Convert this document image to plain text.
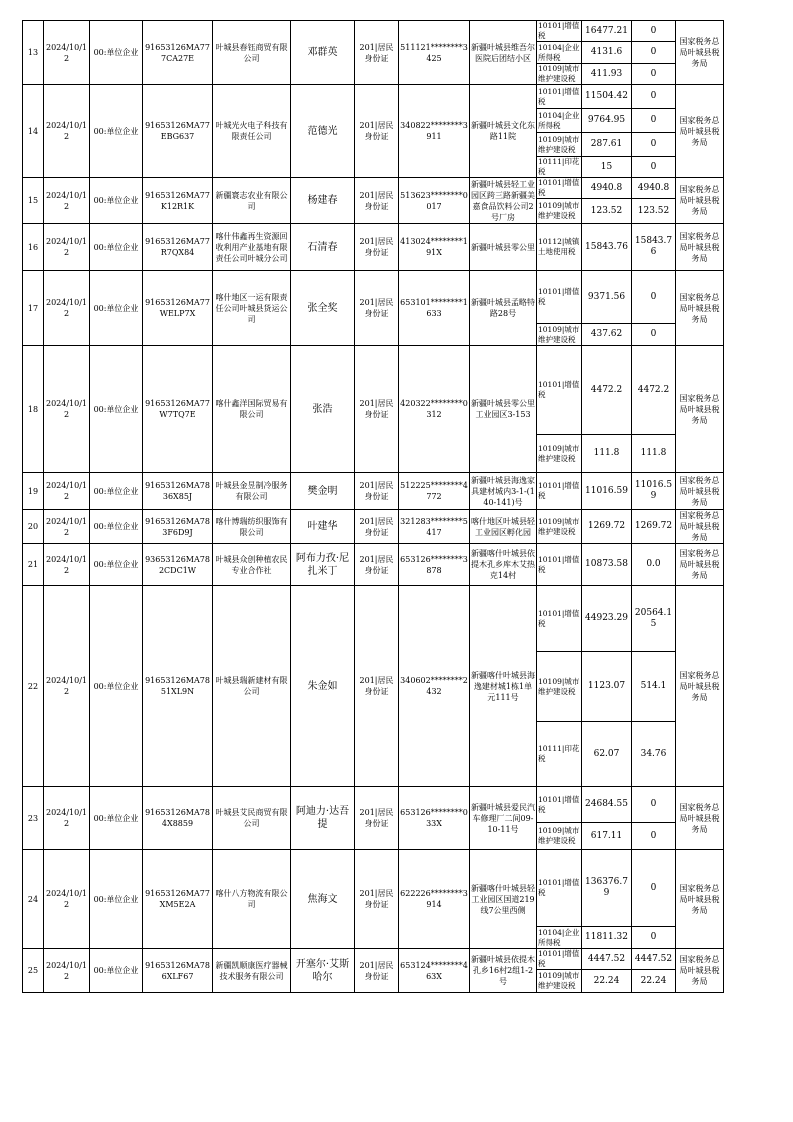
13	2024/10/12	00:单位企业	91653126MA777CA27E	叶城县春钰商贸有限公司	邓群英	201|居民身份证	511121********3425	新疆叶城县维吾尔医院后团结小区	10101|增值税	16477.21	0	国家税务总局叶城县税务局
									10104|企业所得税	4131.6	0	
									10109|城市维护建设税	411.93	0	
14	2024/10/12	00:单位企业	91653126MA77EBG637	叶城光火电子科技有限责任公司	范德光	201|居民身份证	340822********3911	新疆叶城县文化东路11院	10101|增值税	11504.42	0	国家税务总局叶城县税务局
									10104|企业所得税	9764.95	0	
									10109|城市维护建设税	287.61	0	
									10111|印花税	15	0	
15	2024/10/12	00:单位企业	91653126MA77K12R1K	新疆寰志农业有限公司	杨建春	201|居民身份证	513623********0017	新疆叶城县轻工业园区跨三路新疆美嘉食品饮料公司2号厂房	10101|增值税	4940.8	4940.8	国家税务总局叶城县税务局
									10109|城市维护建设税	123.52	123.52	
16	2024/10/12	00:单位企业	91653126MA77R7QX84	喀什伟鑫再生资源回收利用产业基地有限责任公司叶城分公司	石清春	201|居民身份证	413024********191X	新疆叶城县零公里	10112|城镇土地使用税	15843.76	15843.76	国家税务总局叶城县税务局
17	2024/10/12	00:单位企业	91653126MA77WELP7X	喀什地区一运有限责任公司叶城县货运公司	张全奖	201|居民身份证	653101********1633	新疆叶城县孟略特路28号	10101|增值税	9371.56	0	国家税务总局叶城县税务局
									10109|城市维护建设税	437.62	0	
18	2024/10/12	00:单位企业	91653126MA77W7TQ7E	喀什鑫洋国际贸易有限公司	张浩	201|居民身份证	420322********0312	新疆叶城县零公里工业园区3-153	10101|增值税	4472.2	4472.2	国家税务总局叶城县税务局
									10109|城市维护建设税	111.8	111.8	
19	2024/10/12	00:单位企业	91653126MA7836X85J	叶城县金昱制冷服务有限公司	樊金明	201|居民身份证	512225********4772	新疆叶城县海逸家具建材城内3-1-(140-141)号	10101|增值税	11016.59	11016.59	国家税务总局叶城县税务局
20	2024/10/12	00:单位企业	91653126MA783F6D9J	喀什博瑞纺织服饰有限公司	叶建华	201|居民身份证	321283********5417	喀什地区叶城县轻工业园区孵化园	10109|城市维护建设税	1269.72	1269.72	国家税务总局叶城县税务局
21	2024/10/12	00:单位企业	93653126MA782CDC1W	叶城县众创种植农民专业合作社	阿布力孜·尼扎米丁	201|居民身份证	653126********3878	新疆喀什叶城县依提木孔乡库木艾热克14村	10101|增值税	10873.58	0.0	国家税务总局叶城县税务局
22	2024/10/12	00:单位企业	91653126MA7851XL9N	叶城县瑞新建材有限公司	朱金如	201|居民身份证	340602********2432	新疆喀什叶城县海逸建材城1栋1单元111号	10101|增值税	44923.29	20564.15	国家税务总局叶城县税务局
									10109|城市维护建设税	1123.07	514.1	
									10111|印花税	62.07	34.76	
23	2024/10/12	00:单位企业	91653126MA784X8859	叶城县艾民商贸有限公司	阿迪力·达吾提	201|居民身份证	653126********033X	新疆叶城县爱民汽车修理厂二间09-10-11号	10101|增值税	24684.55	0	国家税务总局叶城县税务局
									10109|城市维护建设税	617.11	0	
24	2024/10/12	00:单位企业	91653126MA77XM5E2A	喀什八方物流有限公司	焦海文	201|居民身份证	622226********3914	新疆喀什叶城县轻工业园区国道219线7公里西侧	10101|增值税	136376.79	0	国家税务总局叶城县税务局
									10104|企业所得税	11811.32	0	
25	2024/10/12	00:单位企业	91653126MA786XLF67	新疆凯顺康医疗器械技术服务有限公司	开塞尔·艾斯哈尔	201|居民身份证	653124********463X	新疆叶城县依提木孔乡16村2组1-2号	10101|增值税	4447.52	4447.52	国家税务总局叶城县税务局
									10109|城市维护建设税	22.24	22.24	
